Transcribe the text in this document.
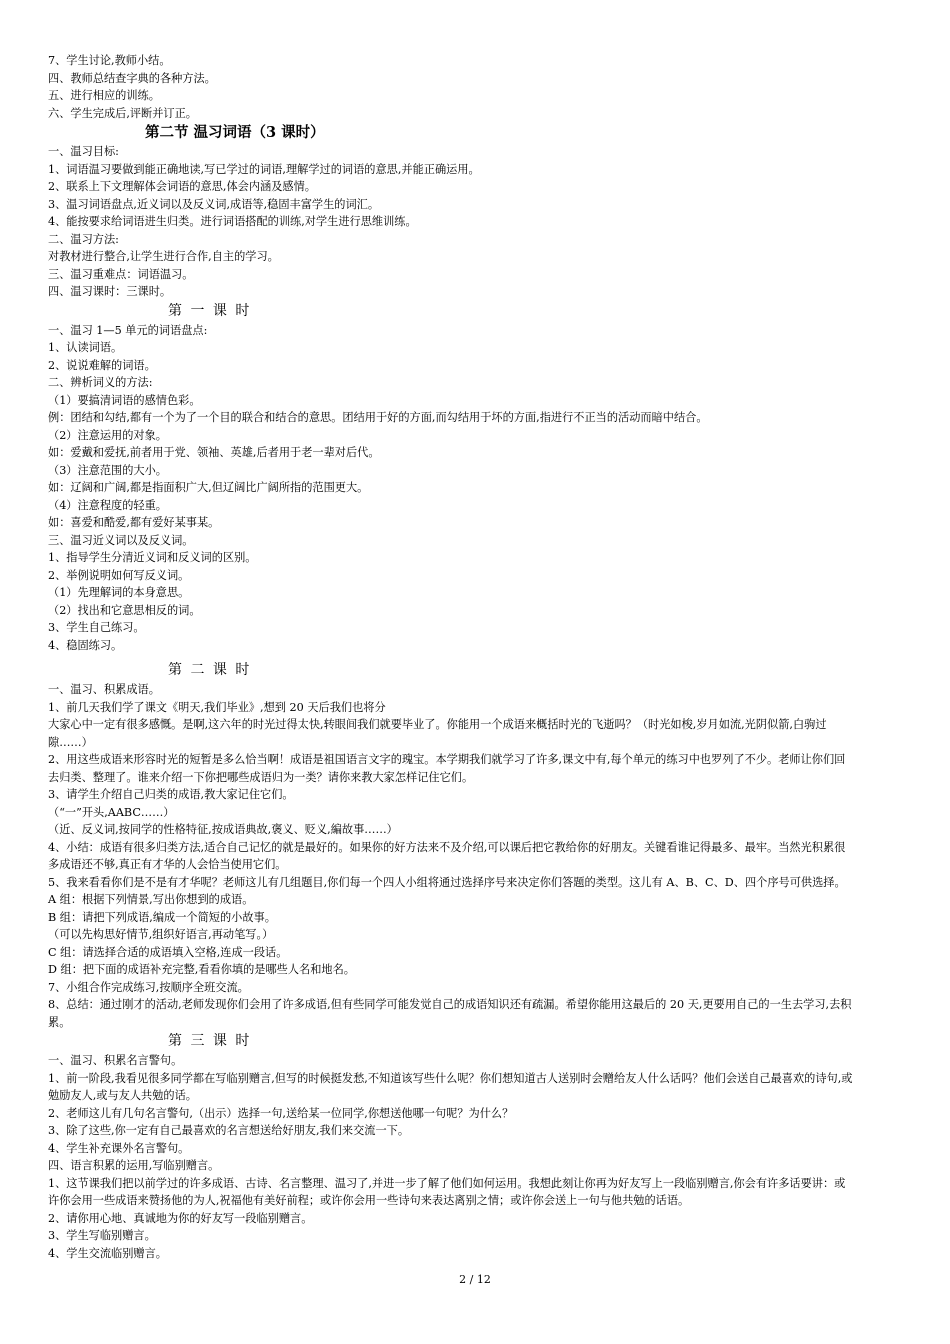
7、学生讨论,教师小结。
四、教师总结查字典的各种方法。
五、进行相应的训练。
六、学生完成后,评断并订正。
第二节 温习词语（3 课时）
一、温习目标:
1、词语温习要做到能正确地读,写已学过的词语,理解学过的词语的意思,并能正确运用。
2、联系上下文理解体会词语的意思,体会内涵及感情。
3、温习词语盘点,近义词以及反义词,成语等,稳固丰富学生的词汇。
4、能按要求给词语进生归类。进行词语搭配的训练,对学生进行思维训练。
二、温习方法:
对教材进行整合,让学生进行合作,自主的学习。
三、温习重难点：词语温习。
四、温习课时：三课时。
第 一 课 时
一、温习 1—5 单元的词语盘点:
1、认读词语。
2、说说难解的词语。
二、辨析词义的方法:
（1）要搞清词语的感情色彩。
例：团结和勾结,都有一个为了一个目的联合和结合的意思。团结用于好的方面,而勾结用于坏的方面,指进行不正当的活动而暗中结合。
（2）注意运用的对象。
如：爱戴和爱抚,前者用于党、领袖、英雄,后者用于老一辈对后代。
（3）注意范围的大小。
如：辽阔和广阔,都是指面积广大,但辽阔比广阔所指的范围更大。
（4）注意程度的轻重。
如：喜爱和酷爱,都有爱好某事某。
三、温习近义词以及反义词。
1、指导学生分清近义词和反义词的区别。
2、举例说明如何写反义词。
（1）先理解词的本身意思。
（2）找出和它意思相反的词。
3、学生自己练习。
4、稳固练习。
第 二 课 时
一、温习、积累成语。
1、前几天我们学了课文《明天,我们毕业》,想到 20 天后我们也将分
大家心中一定有很多感慨。是啊,这六年的时光过得太快,转眼间我们就要毕业了。你能用一个成语来概括时光的飞逝吗？（时光如梭,岁月如流,光阴似箭,白驹过隙……）
2、用这些成语来形容时光的短暂是多么恰当啊！成语是祖国语言文字的瑰宝。本学期我们就学习了许多,课文中有,每个单元的练习中也罗列了不少。老师让你们回去归类、整理了。谁来介绍一下你把哪些成语归为一类？请你来教大家怎样记住它们。
3、请学生介绍自己归类的成语,教大家记住它们。
（“一”开头,AABC……）
（近、反义词,按同学的性格特征,按成语典故,褒义、贬义,編故事……）
4、小结：成语有很多归类方法,适合自己记忆的就是最好的。如果你的好方法来不及介绍,可以课后把它教给你的好朋友。关键看谁记得最多、最牢。当然光积累很多成语还不够,真正有才华的人会恰当使用它们。
5、我来看看你们是不是有才华呢？老师这儿有几组题目,你们每一个四人小组将通过选择序号来决定你们答题的类型。这儿有 A、B、C、D、四个序号可供选择。
A 组：根据下列情景,写出你想到的成语。
B 组：请把下列成语,编成一个简短的小故事。
（可以先构思好情节,组织好语言,再动笔写。）
C 组：请选择合适的成语填入空格,连成一段话。
D 组：把下面的成语补充完整,看看你填的是哪些人名和地名。
7、小组合作完成练习,按顺序全班交流。
8、总结：通过刚才的活动,老师发现你们会用了许多成语,但有些同学可能发觉自己的成语知识还有疏漏。希望你能用这最后的 20 天,更要用自己的一生去学习,去积累。
第 三 课 时
一、温习、积累名言警句。
1、前一阶段,我看见很多同学都在写临别赠言,但写的时候挺发愁,不知道该写些什么呢？你们想知道古人送别时会赠给友人什么话吗？他们会送自己最喜欢的诗句,或勉励友人,或与友人共勉的话。
2、老师这儿有几句名言警句,（出示）选择一句,送给某一位同学,你想送他哪一句呢？为什么？
3、除了这些,你一定有自己最喜欢的名言想送给好朋友,我们来交流一下。
4、学生补充课外名言警句。
四、语言积累的运用,写临别赠言。
1、这节课我们把以前学过的许多成语、古诗、名言整理、温习了,并进一步了解了他们如何运用。我想此刻让你再为好友写上一段临别赠言,你会有许多话要讲：或许你会用一些成语来赞扬他的为人,祝福他有美好前程；或许你会用一些诗句来表达离别之情；或许你会送上一句与他共勉的话语。
2、请你用心地、真诚地为你的好友写一段临别赠言。
3、学生写临别赠言。
4、学生交流临别赠言。
2 / 12
